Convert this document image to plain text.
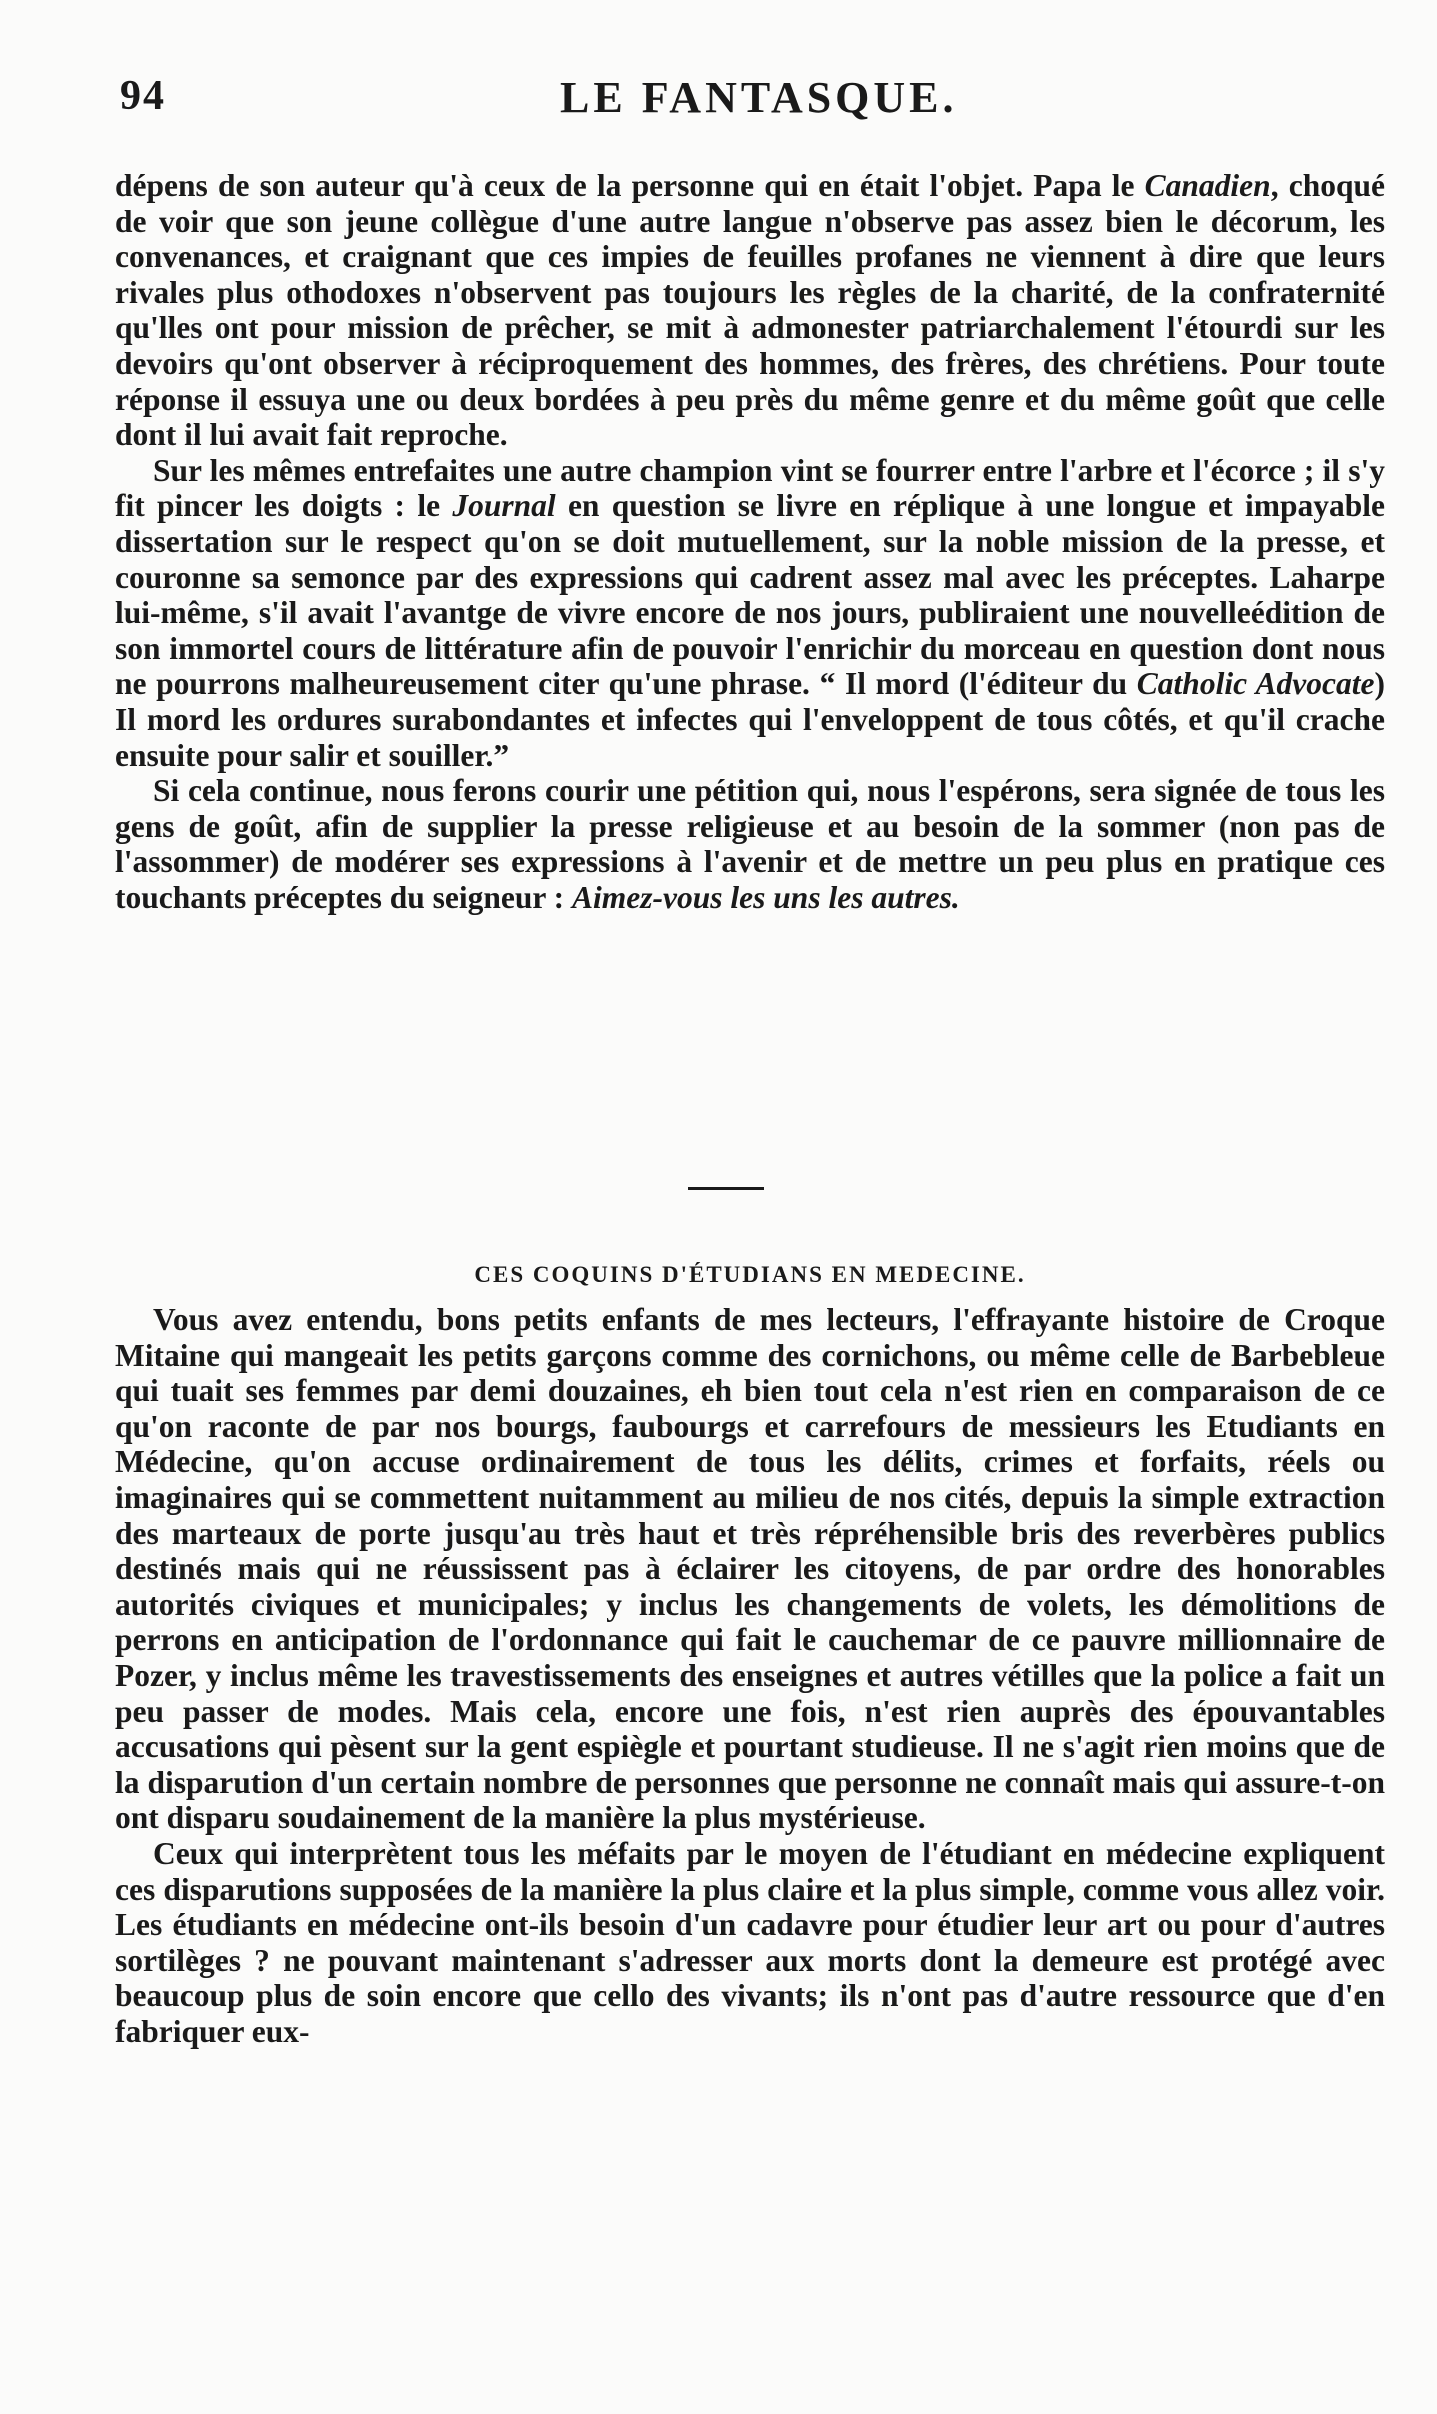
94	LE FANTASQUE.

dépens de son auteur qu'à ceux de la personne qui en était l'objet. Papa le Canadien, choqué de voir que son jeune collègue d'une autre langue n'observe pas assez bien le décorum, les convenances, et craignant que ces impies de feuilles profanes ne viennent à dire que leurs rivales plus othodoxes n'observent pas toujours les règles de la charité, de la confraternité qu'lles ont pour mission de prêcher, se mit à admonester patriarchalement l'étourdi sur les devoirs qu'ont observer à réciproquement des hommes, des frères, des chrétiens. Pour toute réponse il essuya une ou deux bordées à peu près du même genre et du même goût que celle dont il lui avait fait reproche.

Sur les mêmes entrefaites une autre champion vint se fourrer entre l'arbre et l'écorce ; il s'y fit pincer les doigts : le Journal en question se livre en réplique à une longue et impayable dissertation sur le respect qu'on se doit mutuellement, sur la noble mission de la presse, et couronne sa semonce par des expressions qui cadrent assez mal avec les préceptes. Laharpe lui-même, s'il avait l'avantge de vivre encore de nos jours, publiraient une nouvelleédition de son immortel cours de littérature afin de pouvoir l'enrichir du morceau en question dont nous ne pourrons malheureusement citer qu'une phrase. “ Il mord (l'éditeur du Catholic Advocate) Il mord les ordures surabondantes et infectes qui l'enveloppent de tous côtés, et qu'il crache ensuite pour salir et souiller.”

Si cela continue, nous ferons courir une pétition qui, nous l'espérons, sera signée de tous les gens de goût, afin de supplier la presse religieuse et au besoin de la sommer (non pas de l'assommer) de modérer ses expressions à l'avenir et de mettre un peu plus en pratique ces touchants préceptes du seigneur : Aimez-vous les uns les autres.

CES COQUINS D'ÉTUDIANS EN MEDECINE.

Vous avez entendu, bons petits enfants de mes lecteurs, l'effrayante histoire de Croque Mitaine qui mangeait les petits garçons comme des cornichons, ou même celle de Barbebleue qui tuait ses femmes par demi douzaines, eh bien tout cela n'est rien en comparaison de ce qu'on raconte de par nos bourgs, faubourgs et carrefours de messieurs les Etudiants en Médecine, qu'on accuse ordinairement de tous les délits, crimes et forfaits, réels ou imaginaires qui se commettent nuitamment au milieu de nos cités, depuis la simple extraction des marteaux de porte jusqu'au très haut et très répréhensible bris des reverbères publics destinés mais qui ne réussissent pas à éclairer les citoyens, de par ordre des honorables autorités civiques et municipales; y inclus les changements de volets, les démolitions de perrons en anticipation de l'ordonnance qui fait le cauchemar de ce pauvre millionnaire de Pozer, y inclus même les travestissements des enseignes et autres vétilles que la police a fait un peu passer de modes. Mais cela, encore une fois, n'est rien auprès des épouvantables accusations qui pèsent sur la gent espiègle et pourtant studieuse. Il ne s'agit rien moins que de la disparution d'un certain nombre de personnes que personne ne connaît mais qui assure-t-on ont disparu soudainement de la manière la plus mystérieuse.

Ceux qui interprètent tous les méfaits par le moyen de l'étudiant en médecine expliquent ces disparutions supposées de la manière la plus claire et la plus simple, comme vous allez voir. Les étudiants en médecine ont-ils besoin d'un cadavre pour étudier leur art ou pour d'autres sortilèges ? ne pouvant maintenant s'adresser aux morts dont la demeure est protégé avec beaucoup plus de soin encore que cello des vivants; ils n'ont pas d'autre ressource que d'en fabriquer eux-
